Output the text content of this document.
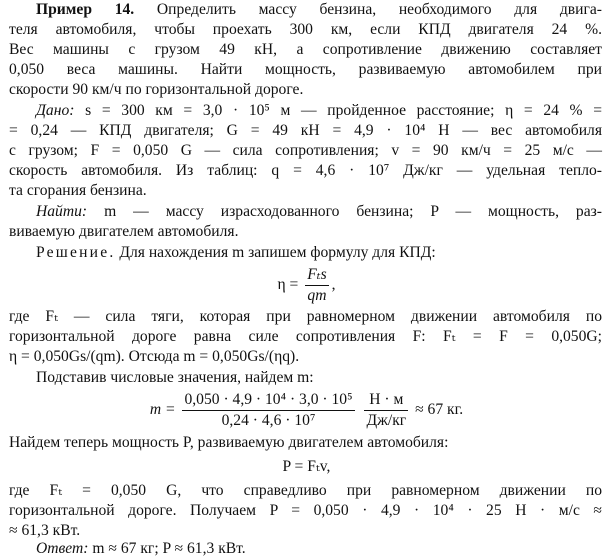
Пример 14. Определить массу бензина, необходимого для двига-
теля автомобиля, чтобы проехать 300 км, если КПД двигателя 24 %.
Вес машины с грузом 49 кН, а сопротивление движению составляет
0,050 веса машины. Найти мощность, развиваемую автомобилем при
скорости 90 км/ч по горизонтальной дороге.
Дано: s = 300 км = 3,0 · 10⁵ м — пройденное расстояние; η = 24 % =
= 0,24 — КПД двигателя; G = 49 кН = 4,9 · 10⁴ Н — вес автомобиля
с грузом; F = 0,050 G — сила сопротивления; v = 90 км/ч = 25 м/с —
скорость автомобиля. Из таблиц: q = 4,6 · 10⁷ Дж/кг — удельная тепло-
та сгорания бензина.
Найти: m — массу израсходованного бензина; P — мощность, раз-
виваемую двигателем автомобиля.
Решение. Для нахождения m запишем формулу для КПД:
$\eta = \frac{\text{Fₜs}}{qm}$ ,
где Fₜ — сила тяги, которая при равномерном движении автомобиля по
горизонтальной дороге равна силе сопротивления F: Fₜ = F = 0,050G;
η = 0,050Gs/(qm). Отсюда m = 0,050Gs/(ηq).
Подставив числовые значения, найдем m:
$m = \frac{\text{0,050 · 4,9 · 10⁴ · 3,0 · 10⁵}}{\text{0,24 · 4,6 · 10⁷}}$
$\frac{Н \cdot м}{Дж/кг} \approx 67$ кг.
Найдем теперь мощность P, развиваемую двигателем автомобиля:
P = Fₜv,
где Fₜ = 0,050 G, что справедливо при равномерном движении по
горизонтальной дороге. Получаем P = 0,050 · 4,9 · 10⁴ · 25 Н · м/с ≈
≈ 61,3 кВт.
Ответ: m ≈ 67 кг; P ≈ 61,3 кВт.
